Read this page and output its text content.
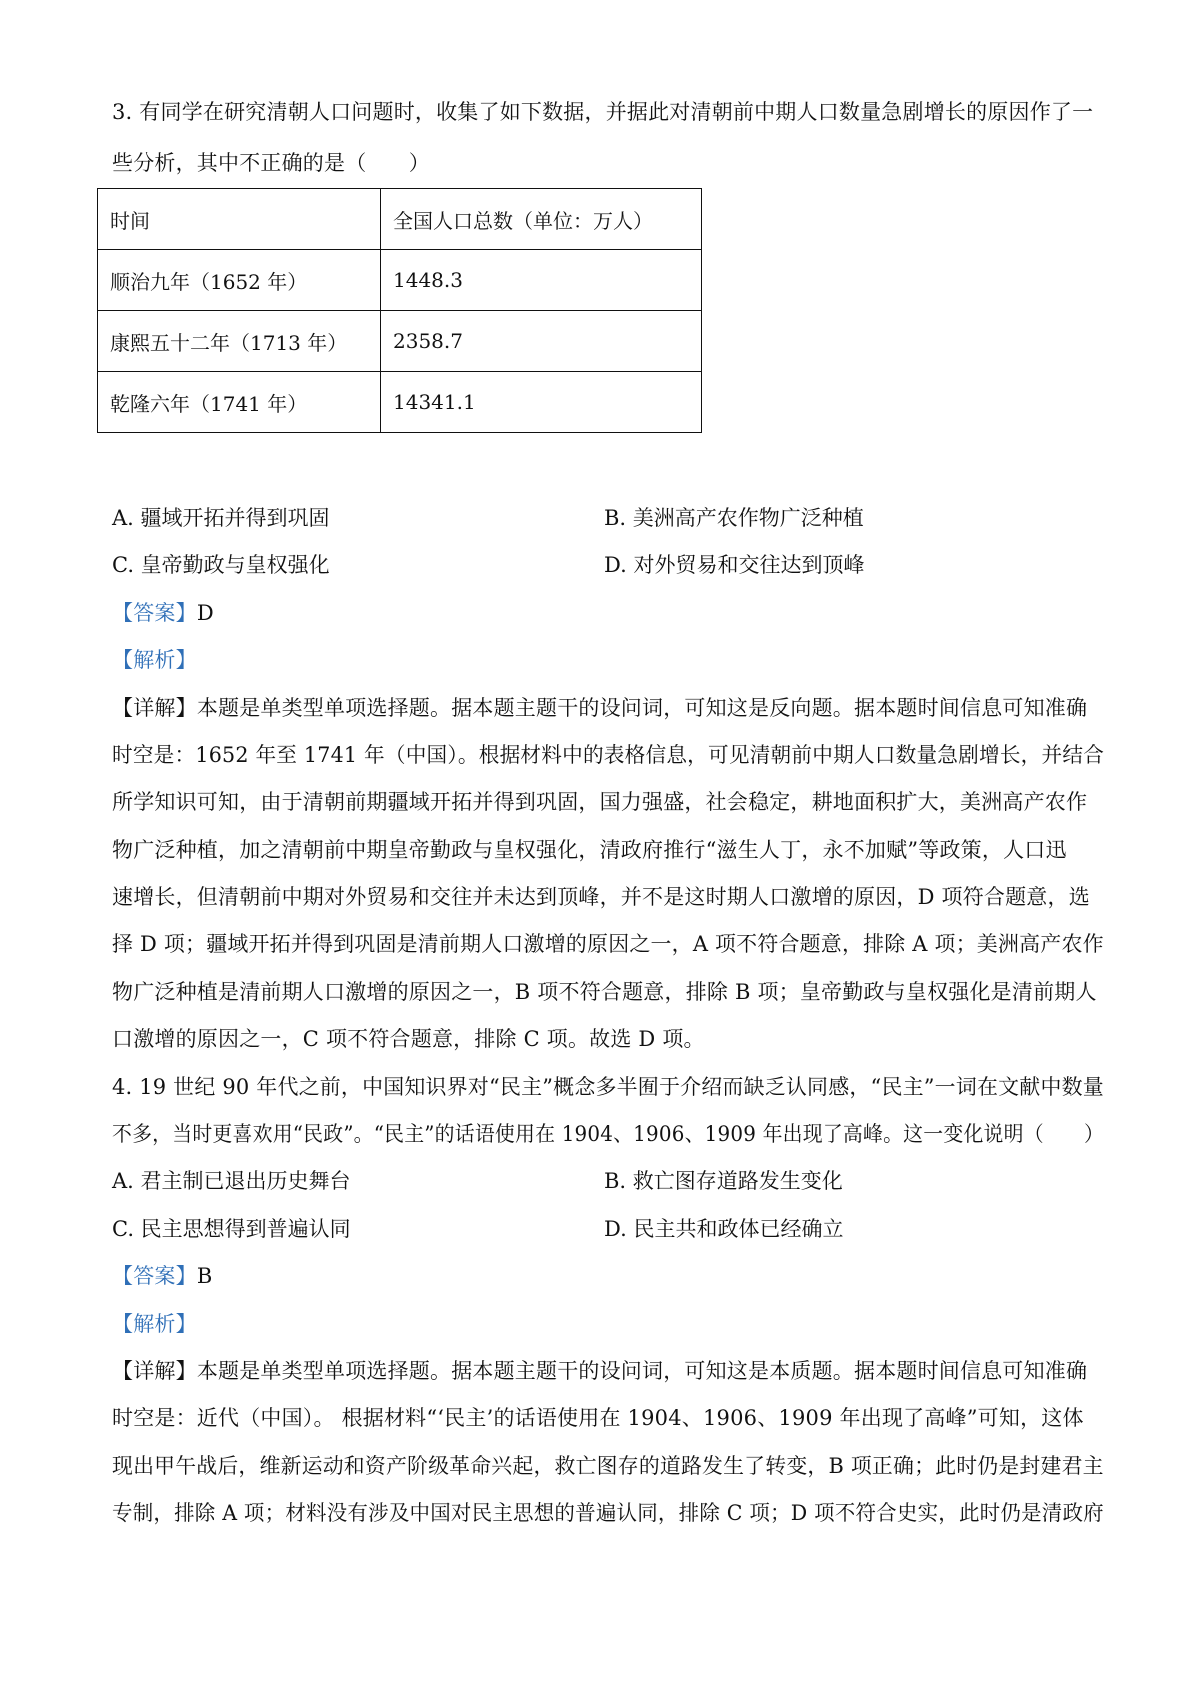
3. 有同学在研究清朝人口问题时，收集了如下数据，并据此对清朝前中期人口数量急剧增长的原因作了一
些分析，其中不正确的是（　　）
时间	全国人口总数（单位：万人）
顺治九年（1652 年）	1448.3
康熙五十二年（1713 年）	2358.7
乾隆六年（1741 年）	14341.1
A. 疆域开拓并得到巩固	B. 美洲高产农作物广泛种植
C. 皇帝勤政与皇权强化	D. 对外贸易和交往达到顶峰
【答案】D
【解析】
【详解】本题是单类型单项选择题。据本题主题干的设问词，可知这是反向题。据本题时间信息可知准确
时空是：1652 年至 1741 年（中国）。根据材料中的表格信息，可见清朝前中期人口数量急剧增长，并结合
所学知识可知，由于清朝前期疆域开拓并得到巩固，国力强盛，社会稳定，耕地面积扩大，美洲高产农作
物广泛种植，加之清朝前中期皇帝勤政与皇权强化，清政府推行“滋生人丁，永不加赋”等政策，人口迅
速增长，但清朝前中期对外贸易和交往并未达到顶峰，并不是这时期人口激增的原因，D 项符合题意，选
择 D 项；疆域开拓并得到巩固是清前期人口激增的原因之一，A 项不符合题意，排除 A 项；美洲高产农作
物广泛种植是清前期人口激增的原因之一，B 项不符合题意，排除 B 项；皇帝勤政与皇权强化是清前期人
口激增的原因之一，C 项不符合题意，排除 C 项。故选 D 项。
4. 19 世纪 90 年代之前，中国知识界对“民主”概念多半囿于介绍而缺乏认同感，“民主”一词在文献中数量
不多，当时更喜欢用“民政”。“民主”的话语使用在 1904、1906、1909 年出现了高峰。这一变化说明（　　）
A. 君主制已退出历史舞台	B. 救亡图存道路发生变化
C. 民主思想得到普遍认同	D. 民主共和政体已经确立
【答案】B
【解析】
【详解】本题是单类型单项选择题。据本题主题干的设问词，可知这是本质题。据本题时间信息可知准确
时空是：近代（中国）。 根据材料“‘民主’的话语使用在 1904、1906、1909 年出现了高峰”可知，这体
现出甲午战后，维新运动和资产阶级革命兴起，救亡图存的道路发生了转变，B 项正确；此时仍是封建君主
专制，排除 A 项；材料没有涉及中国对民主思想的普遍认同，排除 C 项；D 项不符合史实，此时仍是清政府
